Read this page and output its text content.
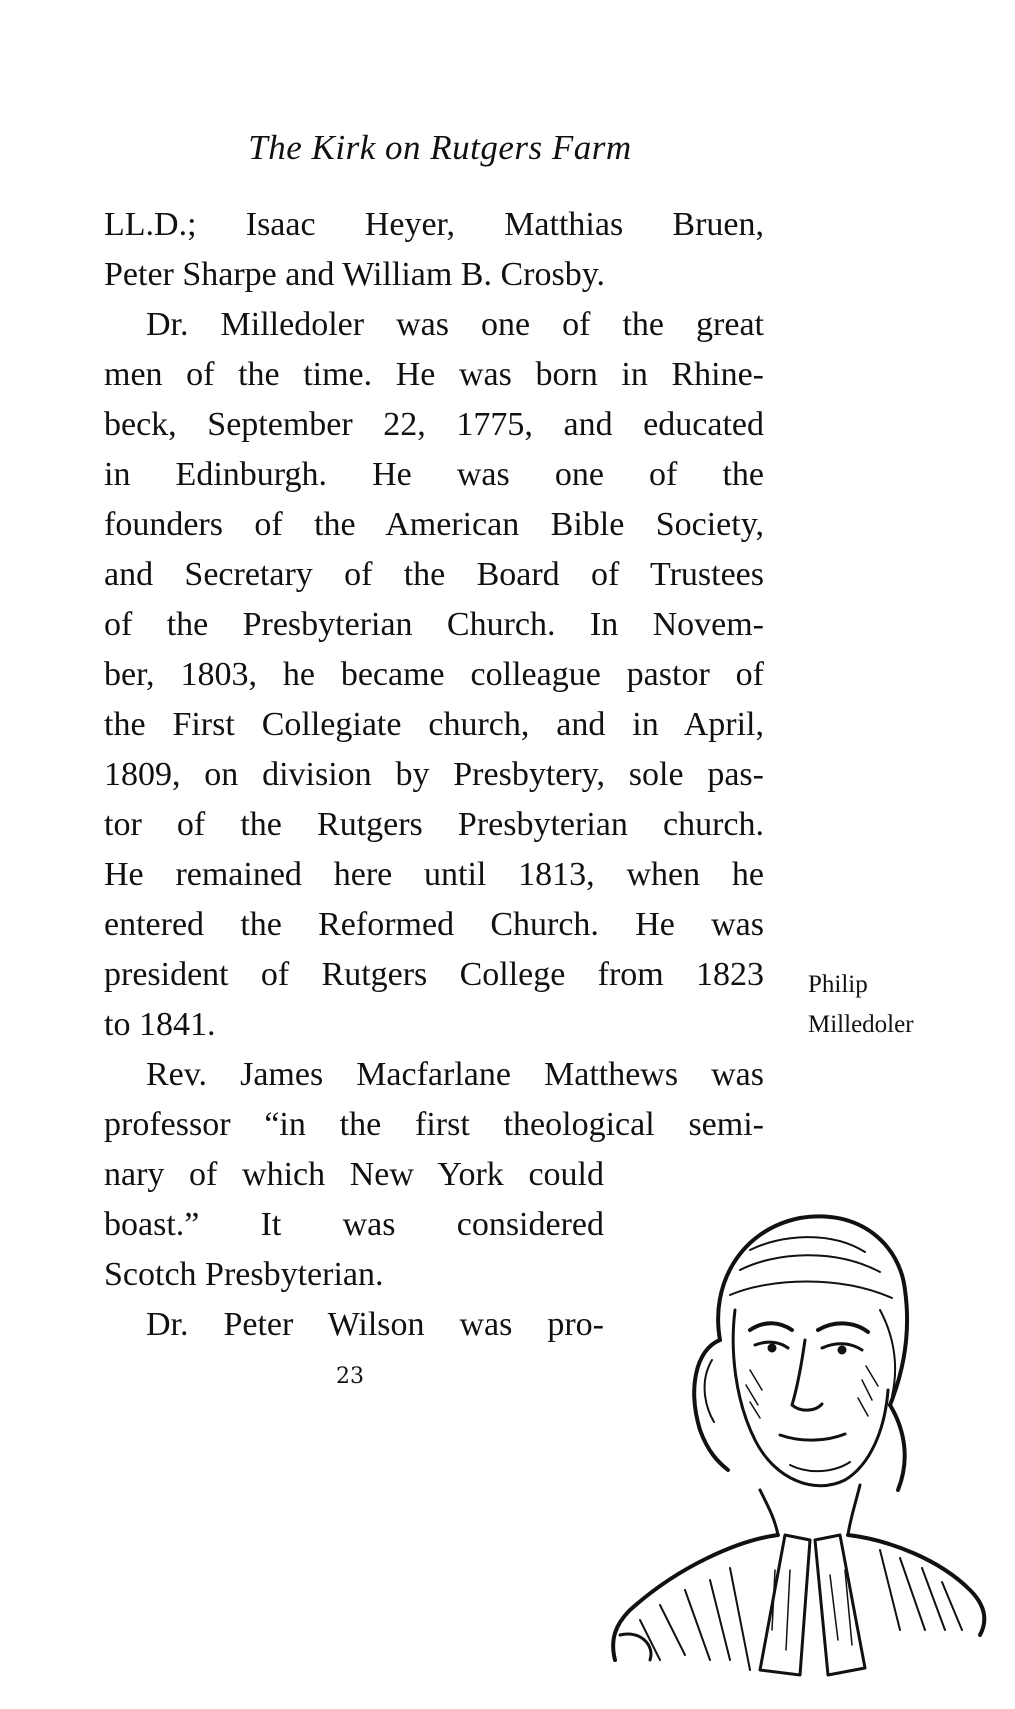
The Kirk on Rutgers Farm
LL.D.; Isaac Heyer, Matthias Bruen,
Peter Sharpe and William B. Crosby.
Dr. Milledoler was one of the great
men of the time. He was born in Rhine-
beck, September 22, 1775, and educated
in Edinburgh. He was one of the
founders of the American Bible Society,
and Secretary of the Board of Trustees
of the Presbyterian Church. In Novem-
ber, 1803, he became colleague pastor of
the First Collegiate church, and in April,
1809, on division by Presbytery, sole pas-
tor of the Rutgers Presbyterian church.
He remained here until 1813, when he
entered the Reformed Church. He was
president of Rutgers College from 1823
to 1841.
Rev. James Macfarlane Matthews was
professor “in the first theological semi-
nary of which New York could
boast.” It was considered
Scotch Presbyterian.
Dr. Peter Wilson was pro-
Philip
Milledoler
23
